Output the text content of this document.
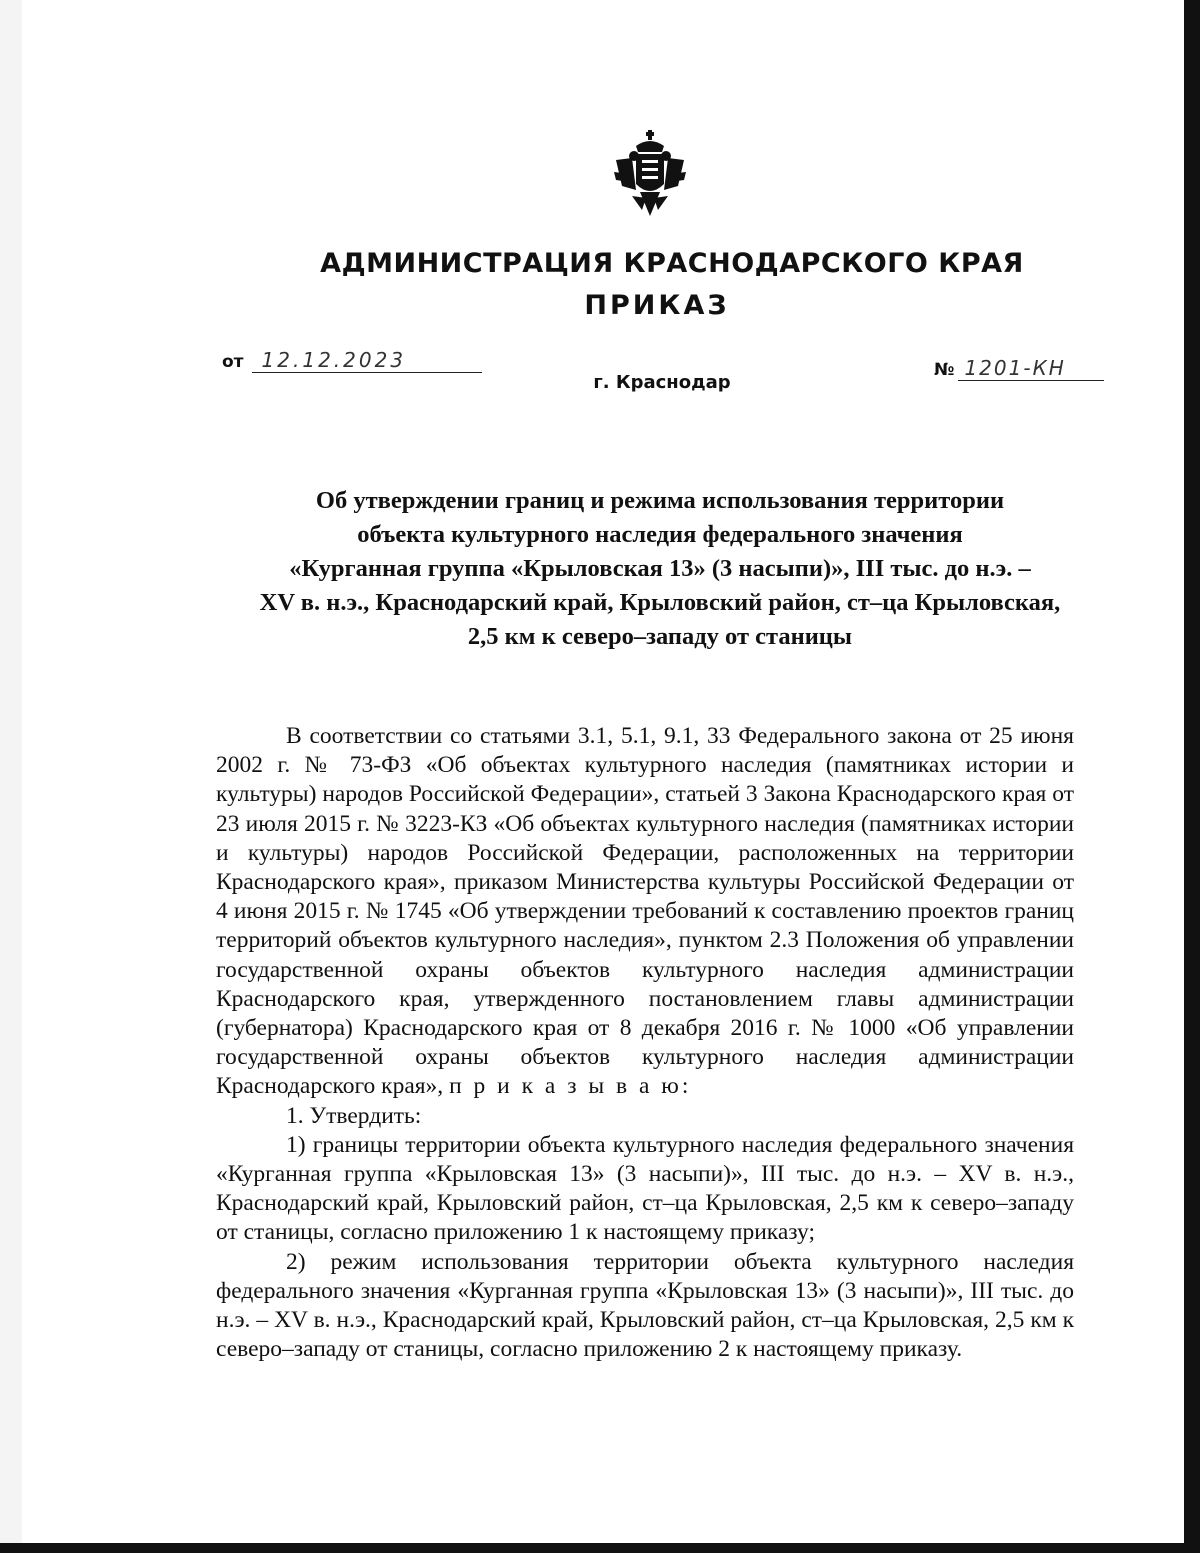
АДМИНИСТРАЦИЯ КРАСНОДАРСКОГО КРАЯ
ПРИКАЗ
от 12.12.2023	№ 1201-КН
г. Краснодар
Об утверждении границ и режима использования территории
объекта культурного наследия федерального значения
«Курганная группа «Крыловская 13» (3 насыпи)», III тыс. до н.э. –
XV в. н.э., Краснодарский край, Крыловский район, ст–ца Крыловская,
2,5 км к северо–западу от станицы

В соответствии со статьями 3.1, 5.1, 9.1, 33 Федерального закона от 25 июня 2002 г. № 73-ФЗ «Об объектах культурного наследия (памятниках истории и культуры) народов Российской Федерации», статьей 3 Закона Краснодарского края от 23 июля 2015 г. № 3223-КЗ «Об объектах культурного наследия (памятниках истории и культуры) народов Российской Федерации, расположенных на территории Краснодарского края», приказом Министерства культуры Российской Федерации от 4 июня 2015 г. № 1745 «Об утверждении требований к составлению проектов границ территорий объектов культурного наследия», пунктом 2.3 Положения об управлении государственной охраны объектов культурного наследия администрации Краснодарского края, утвержденного постановлением главы администрации (губернатора) Краснодарского края от 8 декабря 2016 г. № 1000 «Об управлении государственной охраны объектов культурного наследия администрации Краснодарского края», п р и к а з ы в а ю:

1. Утвердить:

1) границы территории объекта культурного наследия федерального значения «Курганная группа «Крыловская 13» (3 насыпи)», III тыс. до н.э. – XV в. н.э., Краснодарский край, Крыловский район, ст–ца Крыловская, 2,5 км к северо–западу от станицы, согласно приложению 1 к настоящему приказу;

2) режим использования территории объекта культурного наследия федерального значения «Курганная группа «Крыловская 13» (3 насыпи)», III тыс. до н.э. – XV в. н.э., Краснодарский край, Крыловский район, ст–ца Крыловская, 2,5 км к северо–западу от станицы, согласно приложению 2 к настоящему приказу.
